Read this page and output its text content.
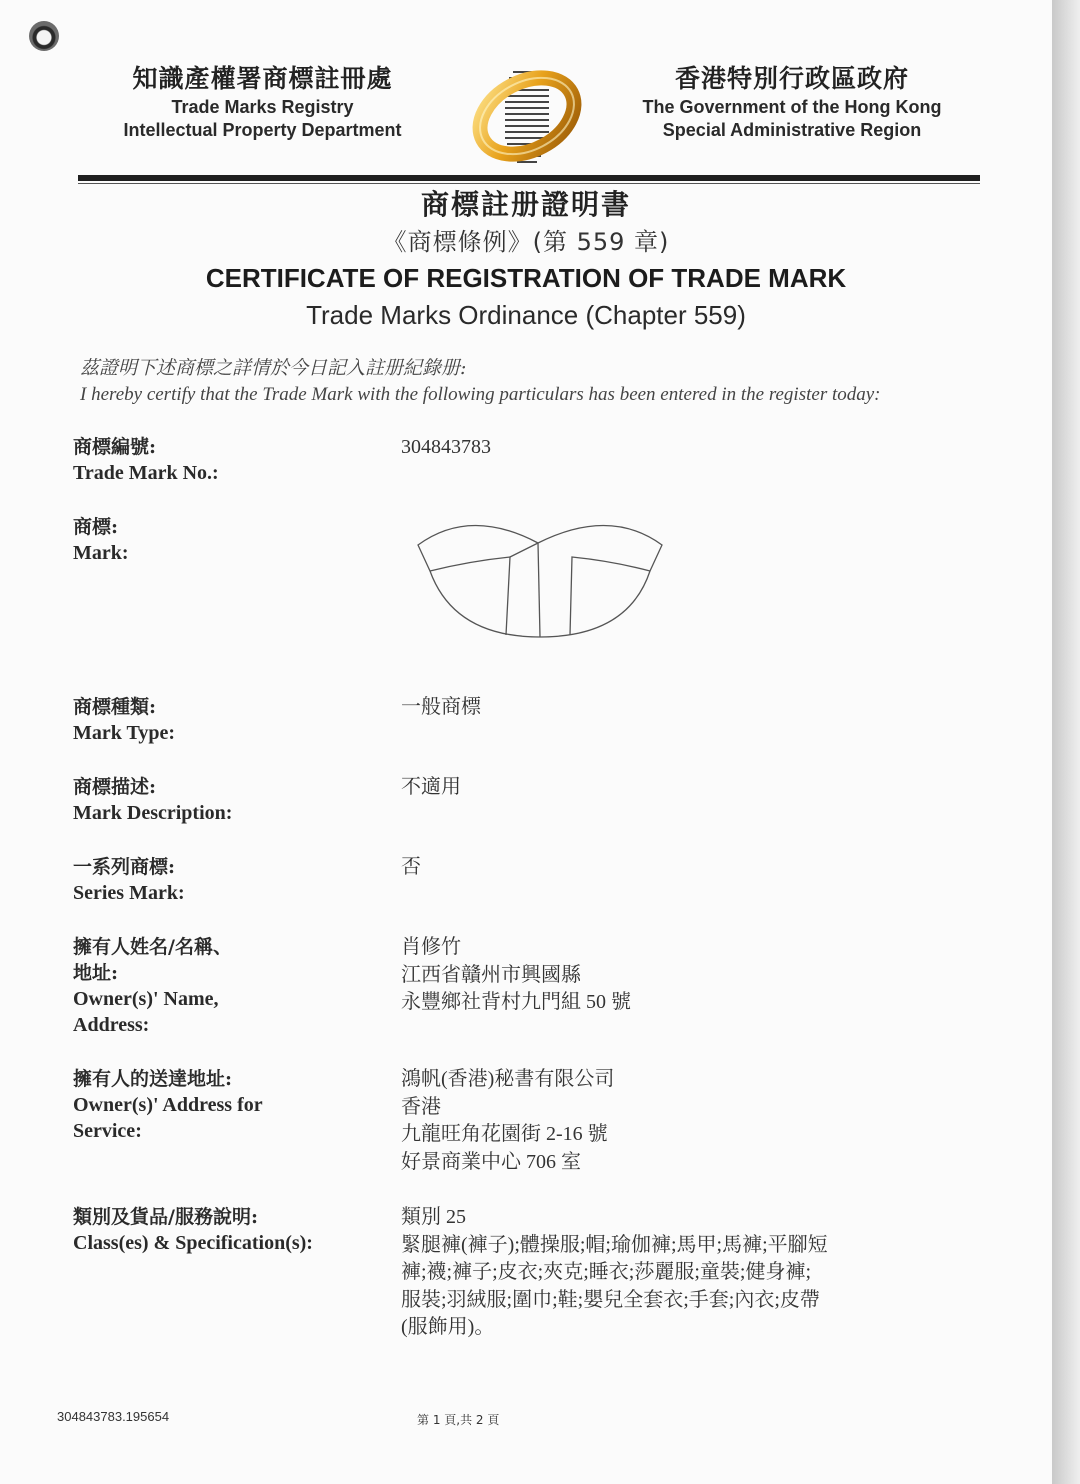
知識產權署商標註冊處
Trade Marks Registry
Intellectual Property Department
香港特別行政區政府
The Government of the Hong Kong
Special Administrative Region
商標註册證明書
《商標條例》(第 559 章)
CERTIFICATE OF REGISTRATION OF TRADE MARK
Trade Marks Ordinance (Chapter 559)
茲證明下述商標之詳情於今日記入註册紀錄册:
I hereby certify that the Trade Mark with the following particulars has been entered in the register today:
商標編號:
Trade Mark No.:
304843783
商標:
Mark:
商標種類:
Mark Type:
一般商標
商標描述:
Mark Description:
不適用
一系列商標:
Series Mark:
否
擁有人姓名/名稱、
地址:
Owner(s)' Name,
Address:
肖修竹
江西省贛州市興國縣
永豐鄉社背村九門組 50 號
擁有人的送達地址:
Owner(s)' Address for
Service:
鴻帆(香港)秘書有限公司
香港
九龍旺角花園街 2-16 號
好景商業中心 706 室
類別及貨品/服務說明:
Class(es) & Specification(s):
類別 25
緊腿褲(褲子);體操服;帽;瑜伽褲;馬甲;馬褲;平腳短
褲;襪;褲子;皮衣;夾克;睡衣;莎麗服;童裝;健身褲;
服裝;羽絨服;圍巾;鞋;嬰兒全套衣;手套;內衣;皮帶
(服飾用)。
304843783.195654	第 1 頁,共 2 頁
